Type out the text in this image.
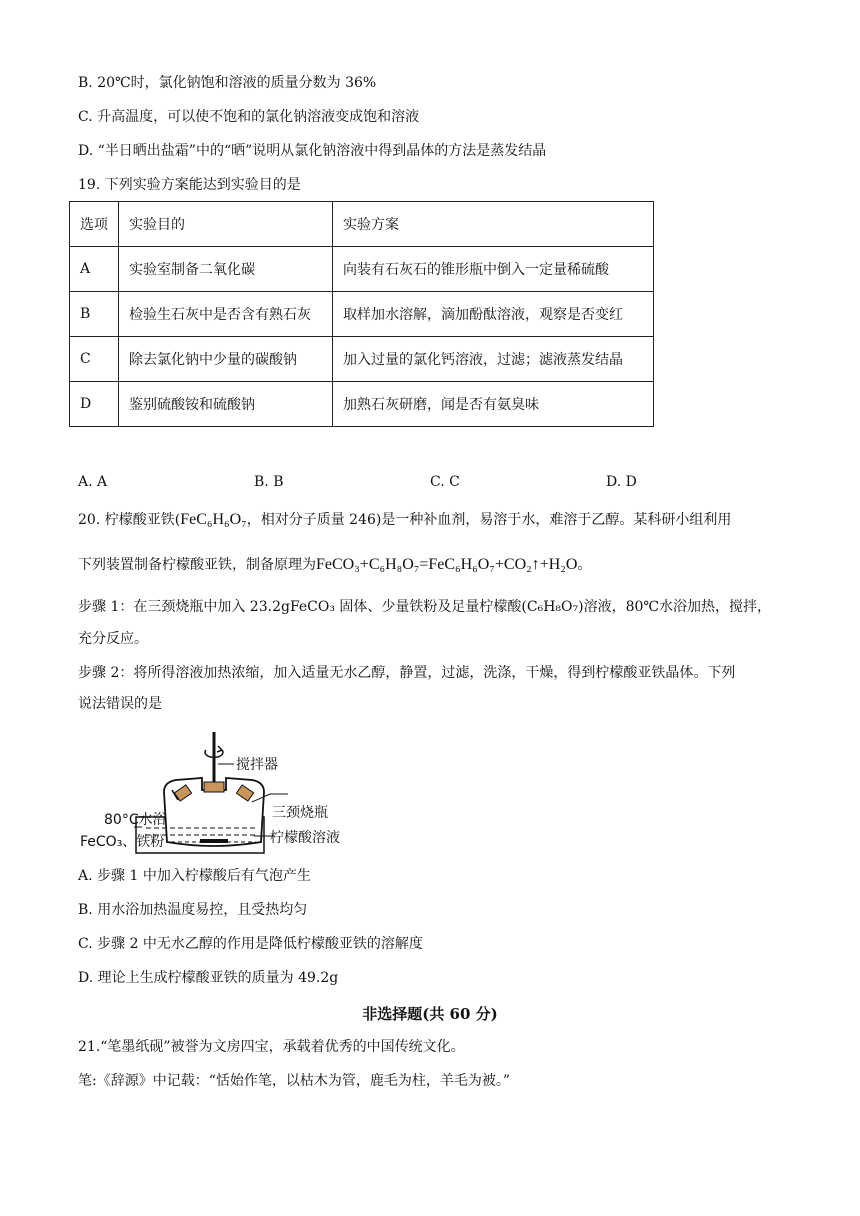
B. 20℃时，氯化钠饱和溶液的质量分数为 36%
C. 升高温度，可以使不饱和的氯化钠溶液变成饱和溶液
D. “半日晒出盐霜”中的“晒”说明从氯化钠溶液中得到晶体的方法是蒸发结晶
19. 下列实验方案能达到实验目的是
选项	实验目的	实验方案
A	实验室制备二氧化碳	向装有石灰石的锥形瓶中倒入一定量稀硫酸
B	检验生石灰中是否含有熟石灰	取样加水溶解，滴加酚酞溶液，观察是否变红
C	除去氯化钠中少量的碳酸钠	加入过量的氯化钙溶液，过滤；滤液蒸发结晶
D	鉴别硫酸铵和硫酸钠	加熟石灰研磨，闻是否有氨臭味
A. A	B. B	C. C	D. D
20. 柠檬酸亚铁(FeC₆H₆O₇，相对分子质量 246)是一种补血剂，易溶于水，难溶于乙醇。某科研小组利用
下列装置制备柠檬酸亚铁，制备原理为FeCO₃+C₆H₈O₇=FeC₆H₆O₇+CO₂↑+H₂O。
步骤 1：在三颈烧瓶中加入 23.2gFeCO₃ 固体、少量铁粉及足量柠檬酸(C₆H₈O₇)溶液，80℃水浴加热，搅拌，
充分反应。
步骤 2：将所得溶液加热浓缩，加入适量无水乙醇，静置，过滤，洗涤，干燥，得到柠檬酸亚铁晶体。下列
说法错误的是
搅拌器
三颈烧瓶
80°C水浴
FeCO₃、铁粉	柠檬酸溶液
A. 步骤 1 中加入柠檬酸后有气泡产生
B. 用水浴加热温度易控，且受热均匀
C. 步骤 2 中无水乙醇的作用是降低柠檬酸亚铁的溶解度
D. 理论上生成柠檬酸亚铁的质量为 49.2g
非选择题(共 60 分)
21.“笔墨纸砚”被誉为文房四宝，承载着优秀的中国传统文化。
笔:《辞源》中记载：“恬始作笔，以枯木为管，鹿毛为柱，羊毛为被。”
